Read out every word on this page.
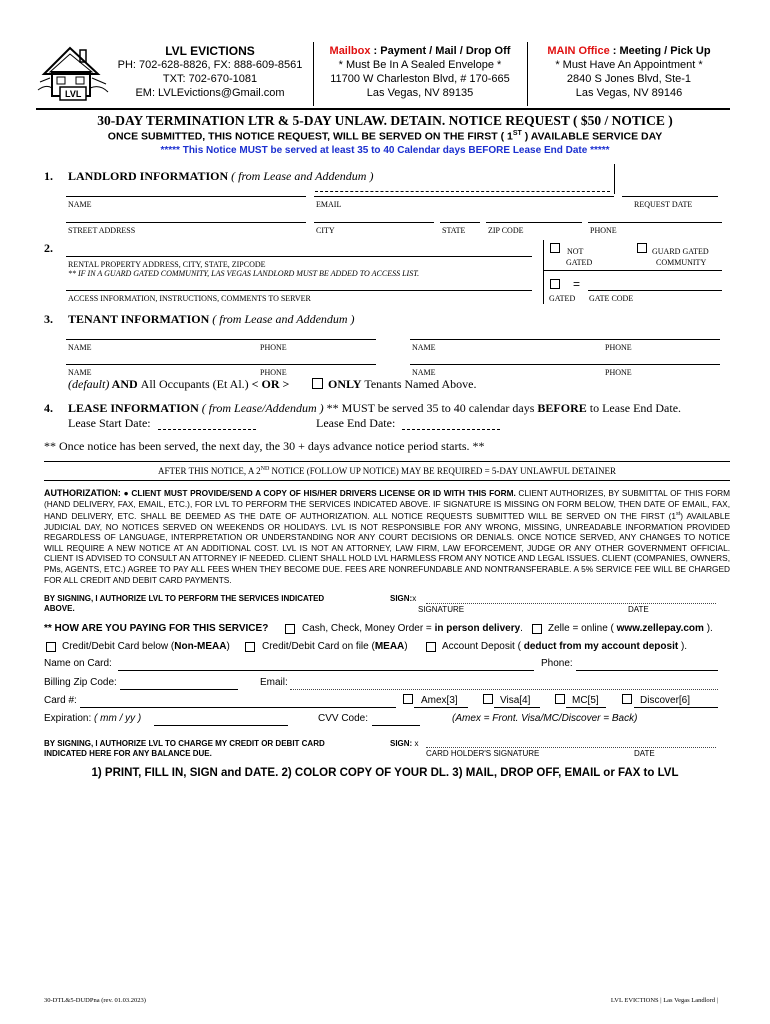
LVL
LVL EVICTIONS
PH: 702-628-8826, FX: 888-609-8561
TXT: 702-670-1081
EM: LVLEvictions@Gmail.com
Mailbox : Payment / Mail / Drop Off
* Must Be In A Sealed Envelope *
11700 W Charleston Blvd, # 170-665
Las Vegas, NV 89135
MAIN Office : Meeting / Pick Up
* Must Have An Appointment *
2840 S Jones Blvd, Ste-1
Las Vegas, NV 89146
30-DAY TERMINATION LTR & 5-DAY UNLAW. DETAIN. NOTICE REQUEST ( $50 / NOTICE )
ONCE SUBMITTED, THIS NOTICE REQUEST, WILL BE SERVED ON THE FIRST ( 1ST ) AVAILABLE SERVICE DAY
***** This Notice MUST be served at least 35 to 40 Calendar days BEFORE Lease End Date *****
1. LANDLORD INFORMATION ( from Lease and Addendum )
NAME	EMAIL	REQUEST DATE
STREET ADDRESS	CITY	STATE	ZIP CODE	PHONE
2.
RENTAL PROPERTY ADDRESS, CITY, STATE, ZIPCODE
** IF IN A GUARD GATED COMMUNITY, LAS VEGAS LANDLORD MUST BE ADDED TO ACCESS LIST.
NOT
GATED
GUARD GATED
COMMUNITY
=
ACCESS INFORMATION, INSTRUCTIONS, COMMENTS TO SERVER	GATED GATE CODE
3. TENANT INFORMATION ( from Lease and Addendum )
NAME	PHONE	NAME	PHONE
NAME	PHONE	NAME	PHONE
(default) AND All Occupants (Et Al.) < OR >	ONLY Tenants Named Above.
4. LEASE INFORMATION ( from Lease/Addendum ) ** MUST be served 35 to 40 calendar days BEFORE to Lease End Date.
Lease Start Date:	Lease End Date:
** Once notice has been served, the next day, the 30 + days advance notice period starts. **
AFTER THIS NOTICE, A 2ND NOTICE (FOLLOW UP NOTICE) MAY BE REQUIRED = 5-DAY UNLAWFUL DETAINER

AUTHORIZATION: ● CLIENT MUST PROVIDE/SEND A COPY OF HIS/HER DRIVERS LICENSE OR ID WITH THIS FORM. CLIENT AUTHORIZES, BY SUBMITTAL OF THIS FORM (HAND DELIVERY, FAX, EMAIL, ETC.), FOR LVL TO PERFORM THE SERVICES INDICATED ABOVE. IF SIGNATURE IS MISSING ON FORM BELOW, THEN DATE OF EMAIL, FAX, HAND DELIVERY, ETC. SHALL BE DEEMED AS THE DATE OF AUTHORIZATION. ALL NOTICE REQUESTS SUBMITTED WILL BE SERVED ON THE FIRST (1st) AVAILABLE JUDICIAL DAY, NO NOTICES SERVED ON WEEKENDS OR HOLIDAYS. LVL IS NOT RESPONSIBLE FOR ANY WRONG, MISSING, UNREADABLE INFORMATION PROVIDED REGARDLESS OF LANGUAGE, INTERPRETATION OR UNDERSTANDING NOR ANY COURT DECISIONS OR DENIALS. ONCE NOTICE SERVED, ANY CHANGES TO NOTICE WILL REQUIRE A NEW NOTICE AT AN ADDITIONAL COST. LVL IS NOT AN ATTORNEY, LAW FIRM, LAW EFORCEMENT, JUDGE OR ANY OTHER GOVERNMENT OFFICIAL. CLIENT IS ADVISED TO CONSULT AN ATTORNEY IF NEEDED. CLIENT SHALL HOLD LVL HARMLESS FROM ANY NOTICE AND LEGAL ISSUES. CLIENT (COMPANIES, OWNERS, PMs, AGENTS, ETC.) AGREE TO PAY ALL FEES WHEN THEY BECOME DUE. FEES ARE NONREFUNDABLE AND NONTRANSFERABLE. A 5% SERVICE FEE WILL BE CHARGED FOR ALL CREDIT AND DEBIT CARD PAYMENTS.

BY SIGNING, I AUTHORIZE LVL TO PERFORM THE SERVICES INDICATED
ABOVE.
SIGN:x
SIGNATURE	DATE
** HOW ARE YOU PAYING FOR THIS SERVICE?	Cash, Check, Money Order = in person delivery.	Zelle = online ( www.zellepay.com ).
Credit/Debit Card below (Non-MEAA)	Credit/Debit Card on file (MEAA)	Account Deposit ( deduct from my account deposit ).
Name on Card:	Phone:
Billing Zip Code:	Email:
Card #:	Amex[3]	Visa[4]	MC[5]	Discover[6]
Expiration: ( mm / yy )	CVV Code:	(Amex = Front. Visa/MC/Discover = Back)
BY SIGNING, I AUTHORIZE LVL TO CHARGE MY CREDIT OR DEBIT CARD
INDICATED HERE FOR ANY BALANCE DUE.
SIGN: x
CARD HOLDER'S SIGNATURE	DATE
1) PRINT, FILL IN, SIGN and DATE. 2) COLOR COPY OF YOUR DL. 3) MAIL, DROP OFF, EMAIL or FAX to LVL
30-DTL&5-DUDPna (rev. 01.03.2023)	LVL EVICTIONS | Las Vegas Landlord |
